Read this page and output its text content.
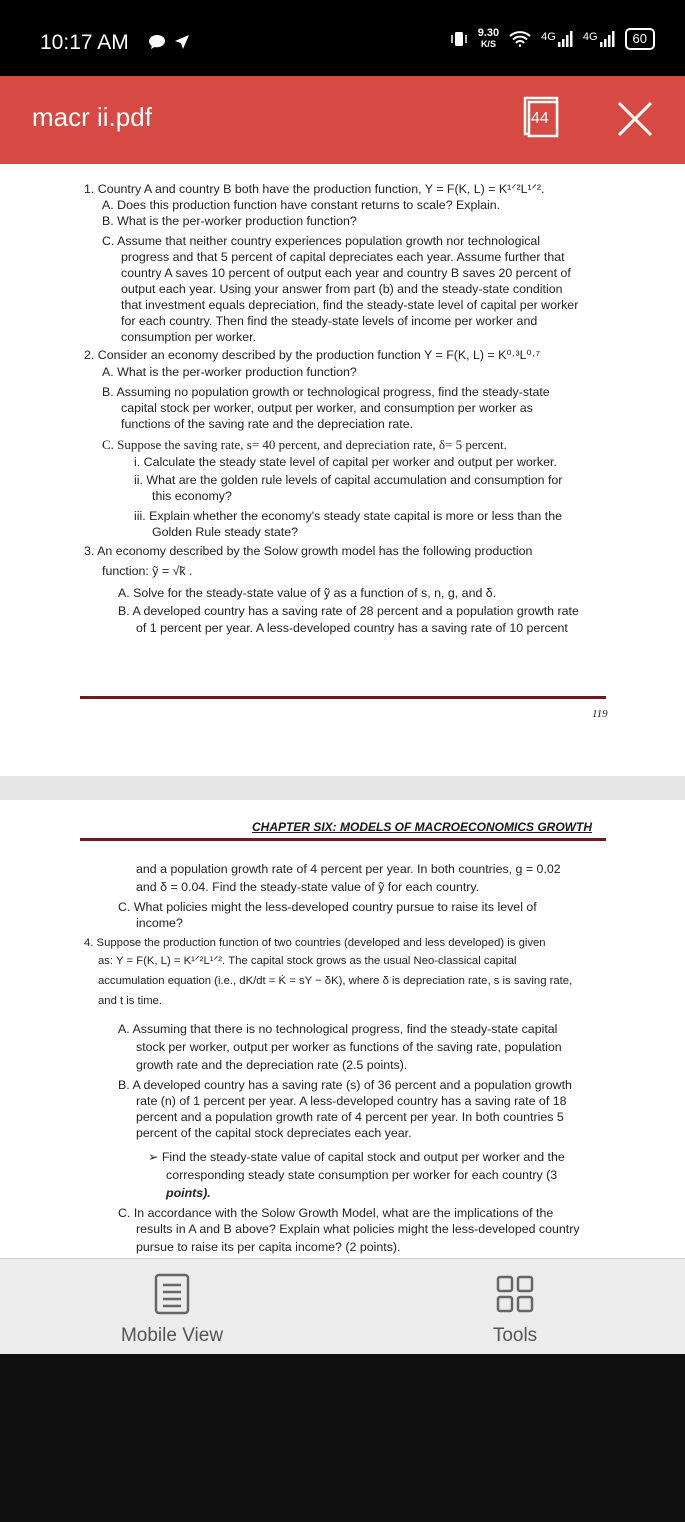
10:17 AM	9.30
K/S
4G 4G	60
macr ii.pdf	44
1. Country A and country B both have the production function, Y = F(K, L) = K¹ᐟ²L¹ᐟ².
A. Does this production function have constant returns to scale? Explain.
B. What is the per-worker production function?
C. Assume that neither country experiences population growth nor technological
progress and that 5 percent of capital depreciates each year. Assume further that
country A saves 10 percent of output each year and country B saves 20 percent of
output each year. Using your answer from part (b) and the steady-state condition
that investment equals depreciation, find the steady-state level of capital per worker
for each country. Then find the steady-state levels of income per worker and
consumption per worker.
2. Consider an economy described by the production function Y = F(K, L) = K⁰·³L⁰·⁷
A. What is the per-worker production function?
B. Assuming no population growth or technological progress, find the steady-state
capital stock per worker, output per worker, and consumption per worker as
functions of the saving rate and the depreciation rate.
C. Suppose the saving rate, s= 40 percent, and depreciation rate, δ= 5 percent.
i. Calculate the steady state level of capital per worker and output per worker.
ii. What are the golden rule levels of capital accumulation and consumption for
this economy?
iii. Explain whether the economy's steady state capital is more or less than the
Golden Rule steady state?
3. An economy described by the Solow growth model has the following production
function: ỹ = √k̃ .
A. Solve for the steady-state value of ỹ as a function of s, n, g, and δ.
B. A developed country has a saving rate of 28 percent and a population growth rate
of 1 percent per year. A less-developed country has a saving rate of 10 percent
119
CHAPTER SIX: MODELS OF MACROECONOMICS GROWTH
and a population growth rate of 4 percent per year. In both countries, g = 0.02
and δ = 0.04. Find the steady-state value of ỹ for each country.
C. What policies might the less-developed country pursue to raise its level of
income?
4. Suppose the production function of two countries (developed and less developed) is given
as: Y = F(K, L) = K¹ᐟ²L¹ᐟ². The capital stock grows as the usual Neo-classical capital
accumulation equation (i.e., dK/dt = K̇ = sY − δK), where δ is depreciation rate, s is saving rate,
and t is time.
A. Assuming that there is no technological progress, find the steady-state capital
stock per worker, output per worker as functions of the saving rate, population
growth rate and the depreciation rate (2.5 points).
B. A developed country has a saving rate (s) of 36 percent and a population growth
rate (n) of 1 percent per year. A less-developed country has a saving rate of 18
percent and a population growth rate of 4 percent per year. In both countries 5
percent of the capital stock depreciates each year.
➢ Find the steady-state value of capital stock and output per worker and the
corresponding steady state consumption per worker for each country (3
points).
C. In accordance with the Solow Growth Model, what are the implications of the
results in A and B above? Explain what policies might the less-developed country
pursue to raise its per capita income? (2 points).
Mobile View	Tools
